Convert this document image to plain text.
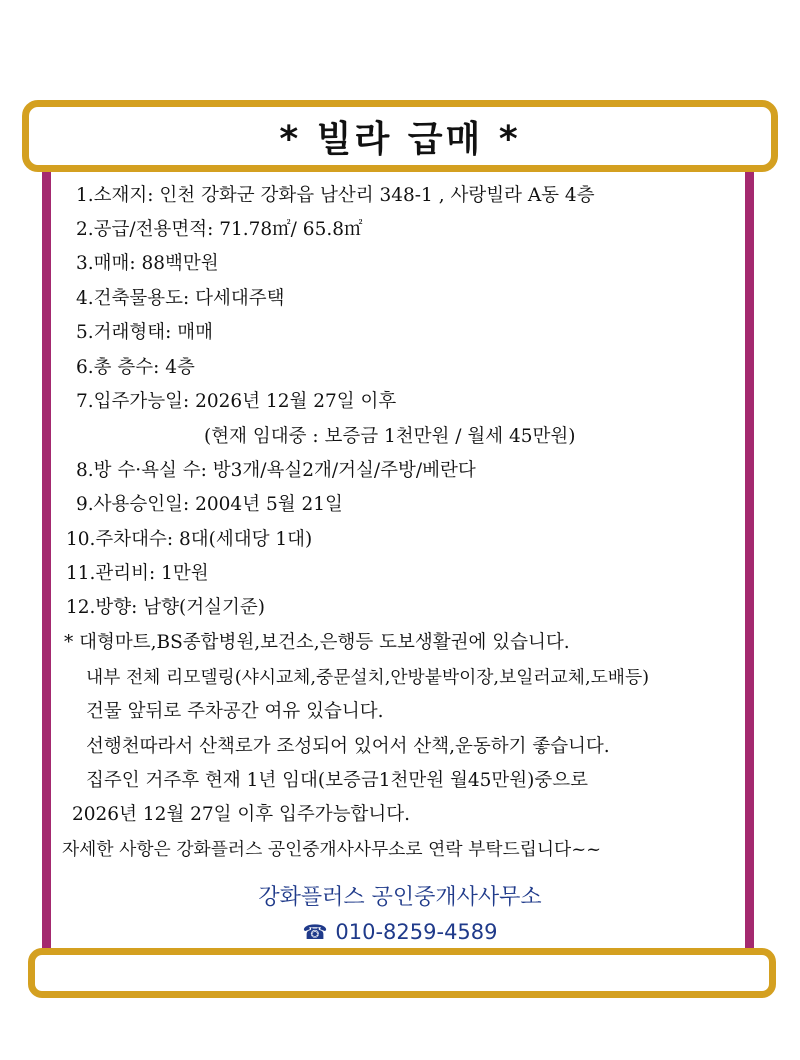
* 빌라 급매 *
1.소재지: 인천 강화군 강화읍 남산리 348-1 , 사랑빌라 A동 4층
2.공급/전용면적: 71.78㎡/ 65.8㎡
3.매매: 88백만원
4.건축물용도: 다세대주택
5.거래형태: 매매
6.총 층수: 4층
7.입주가능일: 2026년 12월 27일 이후
(현재 임대중 : 보증금 1천만원 / 월세 45만원)
8.방 수·욕실 수: 방3개/욕실2개/거실/주방/베란다
9.사용승인일: 2004년 5월 21일
10.주차대수: 8대(세대당 1대)
11.관리비: 1만원
12.방향: 남향(거실기준)
* 대형마트,BS종합병원,보건소,은행등 도보생활권에 있습니다.
내부 전체 리모델링(샤시교체,중문설치,안방붙박이장,보일러교체,도배등)
건물 앞뒤로 주차공간 여유 있습니다.
선행천따라서 산책로가 조성되어 있어서 산책,운동하기 좋습니다.
집주인 거주후 현재 1년 임대(보증금1천만원 월45만원)중으로
2026년 12월 27일 이후 입주가능합니다.
자세한 사항은 강화플러스 공인중개사사무소로 연락 부탁드립니다~~
강화플러스 공인중개사사무소
☎ 010-8259-4589
